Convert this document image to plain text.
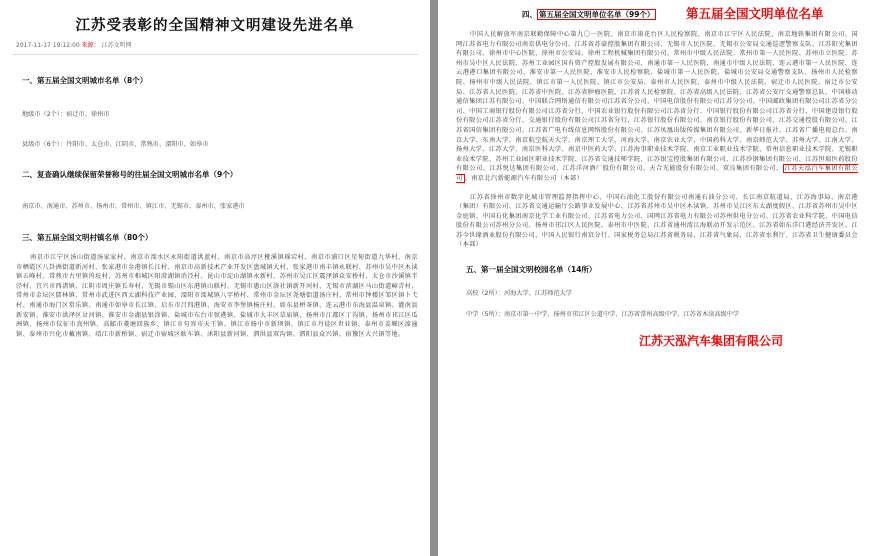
江苏受表彰的全国精神文明建设先进名单
2017-11-17 19:12:00 来源： 江苏文明网
一、第五届全国文明城市名单（8个）
地级市（2个）：宿迁市、徐州市
县级市（6个）：丹阳市、太仓市、江阴市、常熟市、溧阳市、如皋市
二、复查确认继续保留荣誉称号的往届全国文明城市名单（9个）
南京市、南通市、苏州市、扬州市、常州市、镇江市、无锡市、泰州市、张家港市
三、第五届全国文明村镇名单（80个）
南京市江宁区汤山街道汤家家村、南京市溧水区永阳街道洪蓝村、南京市高淳区桠溪镇瑶宕村、南京市浦口区星甸街道九华村、南京市栖霞区八卦洲街道新河村、张家港市金港镇长江村、南京市高新技术产业开发区盘城镇大村、张家港市南丰镇永联村、苏州市吴中区木渎镇五峰村、常熟市古里镇坞坵村、苏州市相城区阳澄湖镇消泾村、昆山市淀山湖镇永新村、苏州市吴江区震泽镇众安桥村、太仓市沙溪镇半泾村、宜兴市西渚镇、江阴市周庄镇长寿村、无锡市锡山区东港镇山联村、无锡市惠山区洛社镇新开河村、无锡市滨湖区马山街道嶂青村、常州市金坛区儒林镇、常州市武进区西太湖科技产业园、溧阳市溧城镇八字桥村、常州市金坛区尧塘街道汤庄村、常州市钟楼区邹区镇卜弋村、南通市海门区常乐镇、南通市如皋市长江镇、启东市吕四港镇、海安市李堡镇杨庄村、如东县栟茶镇、连云港市东海县温泉镇、灌南县新安镇、淮安市洪泽区岔河镇、淮安市金湖县银涂镇、盐城市东台市弶港镇、盐城市大丰区草庙镇、扬州市江都区丁沟镇、扬州市邗江区瓜洲镇、扬州市仪征市真州镇、高邮市菱塘回族乡、镇江市句容市天王镇、镇江市扬中市新坝镇、镇江市丹徒区世业镇、泰州市姜堰区溱潼镇、泰州市兴化市戴南镇、靖江市新桥镇、宿迁市宿城区耿车镇、沭阳县新河镇、泗洪县双沟镇、泗阳县众兴镇、宿豫区大兴镇等地。
四、 第五届全国文明单位名单（99个）
中国人民解放军南京联勤保障中心第九〇一医院、南京市雨花台区人民检察院、南京市江宁区人民法院、南京地铁集团有限公司、国网江苏省电力有限公司南京供电分公司、江苏省苏豪控股集团有限公司、无锡市人民医院、无锡市公安局交通巡逻警察支队、江苏阳光集团有限公司、徐州市中心医院、徐州市公安局、徐州工程机械集团有限公司、常州市中级人民法院、常州市第一人民医院、苏州市立医院、苏州市吴中区人民法院、苏州工业园区国有资产控股发展有限公司、南通市第一人民医院、南通市中级人民法院、连云港市第一人民医院、连云港港口集团有限公司、淮安市第一人民医院、淮安市人民检察院、盐城市第一人民医院、盐城市公安局交通警察支队、扬州市人民检察院、扬州市中级人民法院、镇江市第一人民医院、镇江市公安局、泰州市人民医院、泰州市中级人民法院、宿迁市人民医院、宿迁市公安局、江苏省人民医院、江苏省中医院、江苏省肿瘤医院、江苏省人民检察院、江苏省高级人民法院、江苏省公安厅交通警察总队、中国移动通信集团江苏有限公司、中国联合网络通信有限公司江苏省分公司、中国电信股份有限公司江苏分公司、中国邮政集团有限公司江苏省分公司、中国工商银行股份有限公司江苏省分行、中国农业银行股份有限公司江苏省分行、中国银行股份有限公司江苏省分行、中国建设银行股份有限公司江苏省分行、交通银行股份有限公司江苏省分行、江苏银行股份有限公司、南京银行股份有限公司、江苏交通控股有限公司、江苏省国信集团有限公司、江苏省广电有线信息网络股份有限公司、江苏凤凰出版传媒集团有限公司、新华日报社、江苏省广播电视总台、南京大学、东南大学、南京航空航天大学、南京理工大学、河海大学、南京农业大学、中国药科大学、南京师范大学、苏州大学、江南大学、扬州大学、江苏大学、南京医科大学、南京中医药大学、江苏海事职业技术学院、南京工业职业技术学院、常州信息职业技术学院、无锡职业技术学院、苏州工业园区职业技术学院、江苏省交通技师学院、江苏银宝控股集团有限公司、江苏沙钢集团有限公司、江苏恒瑞医药股份有限公司、江苏悦达集团有限公司、江苏洋河酒厂股份有限公司、天合光能股份有限公司、双良集团有限公司、 江苏天泓汽车集团有限公司 、南京北汽新能源汽车有限公司（本部）
江苏省徐州市数字化城市管理监督指挥中心、中国石油化工股份有限公司南通石油分公司、长江南京航道局、江苏海事局、南京港（集团）有限公司、江苏省交通运输厅公路事业发展中心、江苏省苏州市吴中区木渎镇、苏州市吴江区东太湖度假区、江苏省苏州市吴中区金庭镇、中国石化集团南京化学工业有限公司、江苏省电力公司、国网江苏省电力有限公司苏州供电分公司、江苏省农业科学院、中国电信股份有限公司苏州分公司、扬州市邗江区人民医院、泰州市中医院、江苏省通州湾江海联动开发示范区、江苏省如东洋口港经济开发区、江苏今世缘酒业股份有限公司、中国人民银行南京分行、国家税务总局江苏省税务局、江苏省气象局、江苏省水利厅、江苏省卫生健康委员会（本部）
五、第一届全国文明校园名单（14所）
高校（2所）：河海大学、江苏师范大学
中学（5所）：南京市第一中学、扬州市邗江区公道中学、江苏省常州高级中学、江苏省木渎高级中学
第五届全国文明单位名单
江苏天泓汽车集团有限公司
